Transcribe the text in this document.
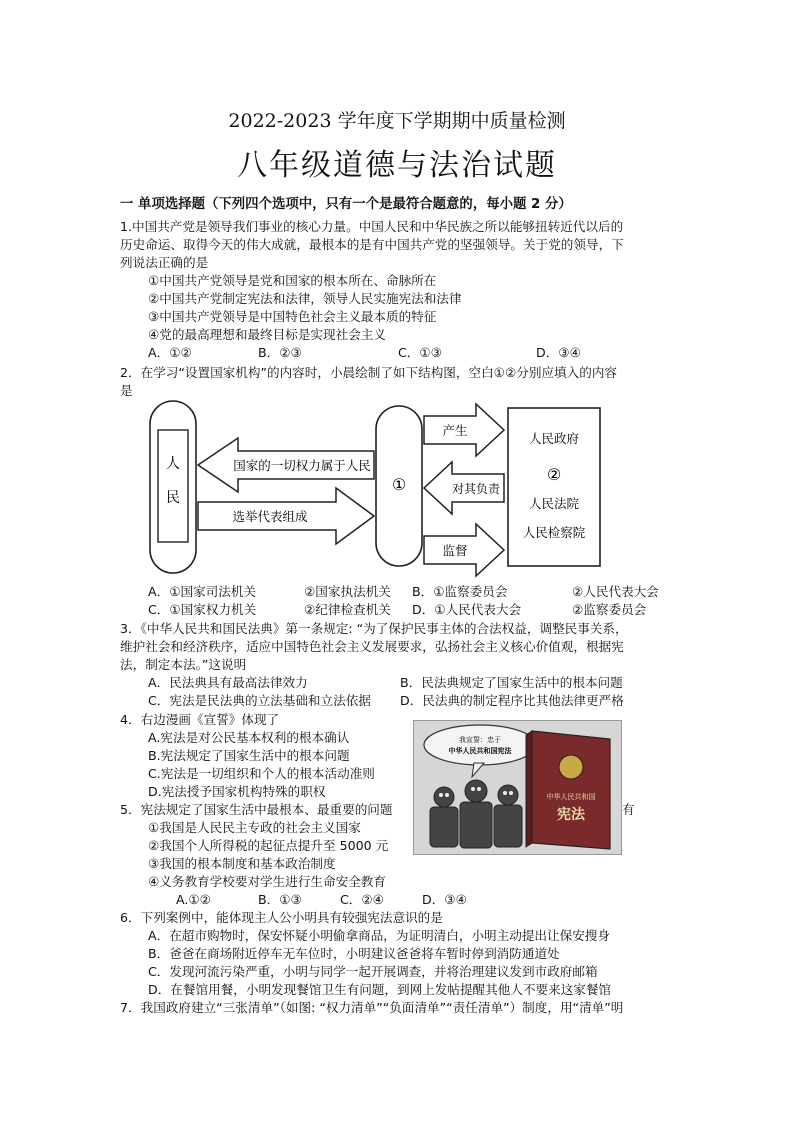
2022-2023 学年度下学期期中质量检测
八年级道德与法治试题
一 单项选择题（下列四个选项中，只有一个是最符合题意的，每小题 2 分）
1.中国共产党是领导我们事业的核心力量。中国人民和中华民族之所以能够扭转近代以后的
历史命运、取得今天的伟大成就，最根本的是有中国共产党的坚强领导。关于党的领导，下
列说法正确的是
①中国共产党领导是党和国家的根本所在、命脉所在
②中国共产党制定宪法和法律，领导人民实施宪法和法律
③中国共产党领导是中国特色社会主义最本质的特征
④党的最高理想和最终目标是实现社会主义
A．①②	B．②③	C．①③	D．③④
2．在学习“设置国家机构”的内容时，小晨绘制了如下结构图，空白①②分别应填入的内容
是
人
民
国家的一切权力属于人民
选举代表组成
①
产生
对其负责
监督
人民政府
②
人民法院
人民检察院
A．①国家司法机关	②国家执法机关 B．①监察委员会	②人民代表大会
C．①国家权力机关	②纪律检查机关 D．①人民代表大会	②监察委员会
3．《中华人民共和国民法典》第一条规定: “为了保护民事主体的合法权益，调整民事关系，
维护社会和经济秩序，适应中国特色社会主义发展要求，弘扬社会主义核心价值观，根据宪
法，制定本法。”这说明
A．民法典具有最高法律效力	B．民法典规定了国家生活中的根本问题
C．宪法是民法典的立法基础和立法依据 D．民法典的制定程序比其他法律更严格
4．右边漫画《宣誓》体现了
A.宪法是对公民基本权利的根本确认
B.宪法规定了国家生活中的根本问题
C.宪法是一切组织和个人的根本活动准则
D.宪法授予国家机构特殊的职权
5．宪法规定了国家生活中最根本、最重要的问题	有
①我国是人民民主专政的社会主义国家
②我国个人所得税的起征点提升至 5000 元
③我国的根本制度和基本政治制度
④义务教育学校要对学生进行生命安全教育
A.①②	B．①③	C．②④	D．③④
我宣誓：忠于
中华人民共和国宪法
中华人民共和国
宪法
6．下列案例中，能体现主人公小明具有较强宪法意识的是
A．在超市购物时，保安怀疑小明偷拿商品，为证明清白，小明主动提出让保安搜身
B．爸爸在商场附近停车无车位时，小明建议爸爸将车暂时停到消防通道处
C．发现河流污染严重，小明与同学一起开展调查，并将治理建议发到市政府邮箱
D．在餐馆用餐，小明发现餐馆卫生有问题，到网上发帖提醒其他人不要来这家餐馆
7．我国政府建立“三张清单”（如图: “权力清单”“负面清单”“责任清单”）制度，用“清单”明
